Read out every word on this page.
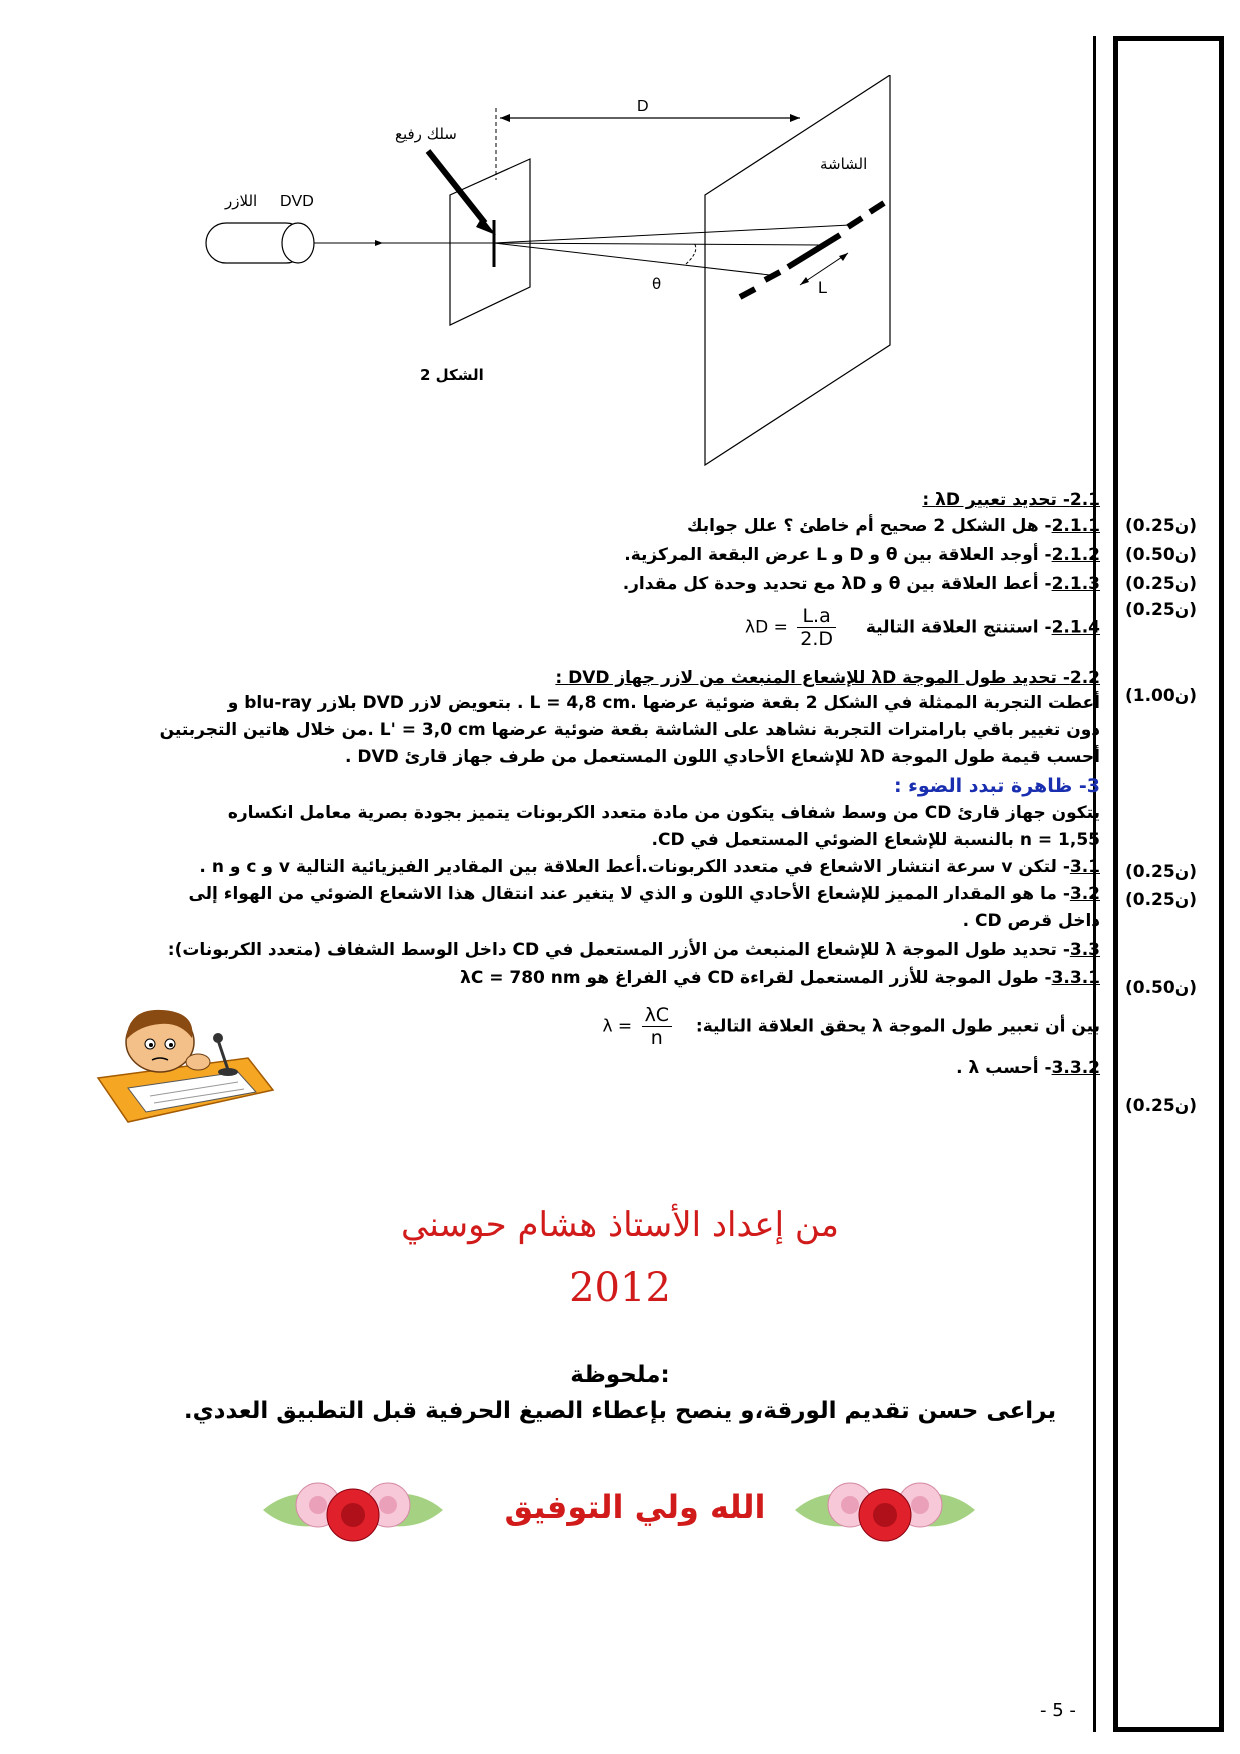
D
سلك رفيع
الشاشة
DVD
اللازر
θ	L
الشكل 2
2.1- تحديد تعبير λD :
2.1.1- هل الشكل 2 صحيح أم خاطئ ؟ علل جوابك
2.1.2- أوجد العلاقة بين θ و D و L عرض البقعة المركزية.
2.1.3- أعط العلاقة بين θ و λD مع تحديد وحدة كل مقدار.
2.1.4- استنتج العلاقة التالية  $\lambda D = \frac{L.a}{2.D}$
2.2- تحديد طول الموجة λD للإشعاع المنبعث من لازر جهاز DVD :
أعطت التجربة الممثلة في الشكل 2 بقعة ضوئية عرضها .L = 4,8 cm . بتعويض لازر DVD بلازر blu-ray و
دون تغيير باقي بارامترات التجربة نشاهد على الشاشة بقعة ضوئية عرضها L' = 3,0 cm .من خلال هاتين التجربتين
أحسب قيمة طول الموجة λD للإشعاع الأحادي اللون المستعمل من طرف جهاز قارئ DVD .
3- ظاهرة تبدد الضوء :
يتكون جهاز قارئ CD من وسط شفاف يتكون من مادة متعدد الكربونات يتميز بجودة بصرية معامل انكساره
n = 1,55 بالنسبة للإشعاع الضوئي المستعمل في CD.
3.1- لتكن v سرعة انتشار الاشعاع في متعدد الكربونات.أعط العلاقة بين المقادير الفيزيائية التالية v و c و n .
3.2- ما هو المقدار المميز للإشعاع الأحادي اللون و الذي لا يتغير عند انتقال هذا الاشعاع الضوئي من الهواء إلى
داخل قرص CD .
3.3- تحديد طول الموجة λ للإشعاع المنبعث من الأزر المستعمل في CD داخل الوسط الشفاف (متعدد الكربونات):
3.3.1- طول الموجة للأزر المستعمل لقراءة CD في الفراغ هو λC = 780 nm
بين أن تعبير طول الموجة λ يحقق العلاقة التالية:  $\lambda = \frac{\lambda C}{n}$
3.3.2- أحسب λ .
(0.25ن)
(0.50ن)
(0.25ن)
(0.25ن)
(1.00ن)
(0.25ن)
(0.25ن)
(0.50ن)
(0.25ن)
من إعداد الأستاذ هشام حوسني
2012
ملحوظة:
يراعى حسن تقديم الورقة،و ينصح بإعطاء الصيغ الحرفية قبل التطبيق العددي.
الله ولي التوفيق
- 5 -
